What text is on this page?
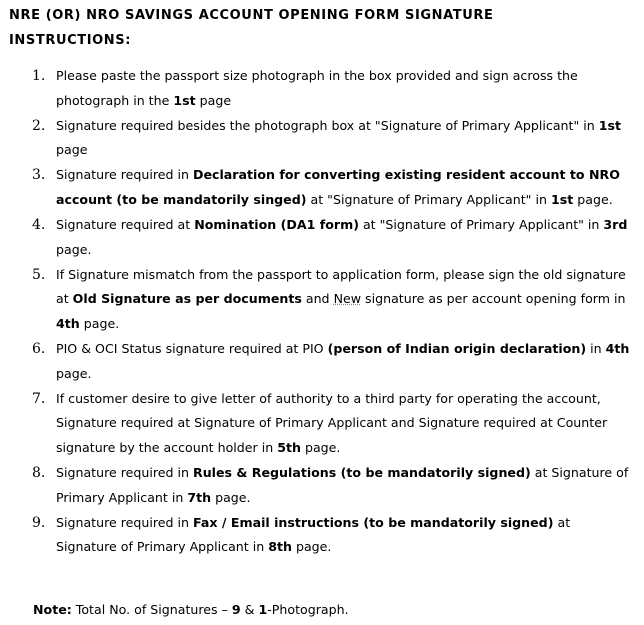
NRE (OR) NRO SAVINGS ACCOUNT OPENING FORM SIGNATURE
INSTRUCTIONS:
1. Please paste the passport size photograph in the box provided and sign across the photograph in the 1st page
2. Signature required besides the photograph box at "Signature of Primary Applicant" in 1st page
3. Signature required in Declaration for converting existing resident account to NRO account (to be mandatorily singed) at "Signature of Primary Applicant" in 1st page.
4. Signature required at Nomination (DA1 form) at "Signature of Primary Applicant" in 3rd page.
5. If Signature mismatch from the passport to application form, please sign the old signature at Old Signature as per documents and New signature as per account opening form in 4th page.
6. PIO & OCI Status signature required at PIO (person of Indian origin declaration) in 4th page.
7. If customer desire to give letter of authority to a third party for operating the account, Signature required at Signature of Primary Applicant and Signature required at Counter signature by the account holder in 5th page.
8. Signature required in Rules & Regulations (to be mandatorily signed) at Signature of Primary Applicant in 7th page.
9. Signature required in Fax / Email instructions (to be mandatorily signed) at Signature of Primary Applicant in 8th page.
Note: Total No. of Signatures – 9 & 1-Photograph.
